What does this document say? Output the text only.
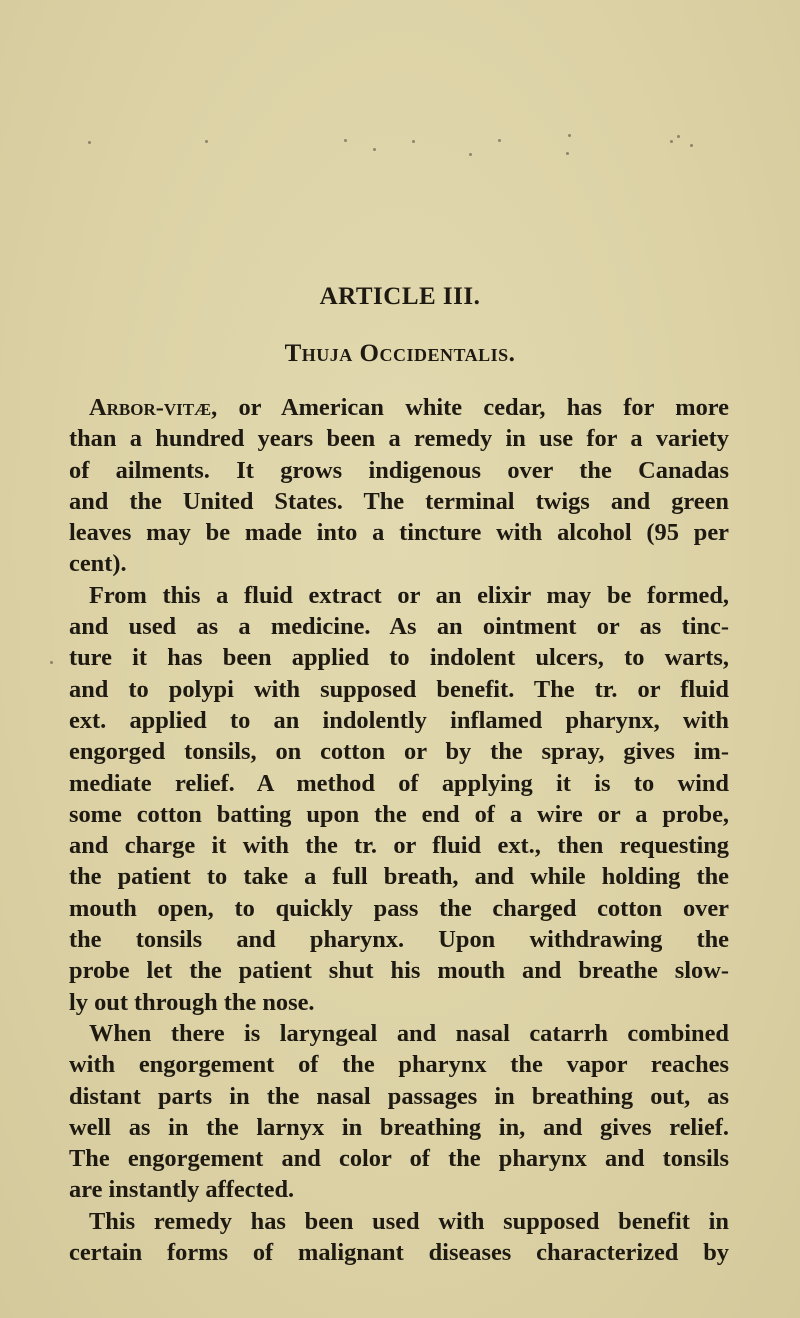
ARTICLE III.
Thuja Occidentalis.
Arbor-vitæ, or American white cedar, has for more
than a hundred years been a remedy in use for a variety
of ailments. It grows indigenous over the Canadas
and the United States. The terminal twigs and green
leaves may be made into a tincture with alcohol (95 per
cent).
From this a fluid extract or an elixir may be formed,
and used as a medicine. As an ointment or as tinc-
ture it has been applied to indolent ulcers, to warts,
and to polypi with supposed benefit. The tr. or fluid
ext. applied to an indolently inflamed pharynx, with
engorged tonsils, on cotton or by the spray, gives im-
mediate relief. A method of applying it is to wind
some cotton batting upon the end of a wire or a probe,
and charge it with the tr. or fluid ext., then requesting
the patient to take a full breath, and while holding the
mouth open, to quickly pass the charged cotton over
the tonsils and pharynx. Upon withdrawing the
probe let the patient shut his mouth and breathe slow-
ly out through the nose.
When there is laryngeal and nasal catarrh combined
with engorgement of the pharynx the vapor reaches
distant parts in the nasal passages in breathing out, as
well as in the larnyx in breathing in, and gives relief.
The engorgement and color of the pharynx and tonsils
are instantly affected.
This remedy has been used with supposed benefit in
certain forms of malignant diseases characterized by
